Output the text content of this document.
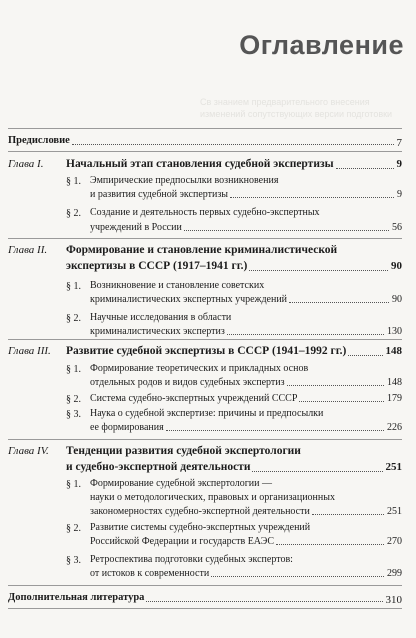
Оглавление
Св знанием предварительного внесения изменений сопутствующих версии подготовки
Предисловие	7
Глава I. Начальный этап становления судебной экспертизы	9
§ 1. Эмпирические предпосылки возникновения
и развития судебной экспертизы	9
§ 2. Создание и деятельность первых судебно-экспертных
учреждений в России	56
Глава II. Формирование и становление криминалистической
экспертизы в СССР (1917–1941 гг.)	90
§ 1. Возникновение и становление советских
криминалистических экспертных учреждений	90
§ 2. Научные исследования в области
криминалистических экспертиз	130
Глава III. Развитие судебной экспертизы в СССР (1941–1992 гг.)	148
§ 1. Формирование теоретических и прикладных основ
отдельных родов и видов судебных экспертиз	148
§ 2. Система судебно-экспертных учреждений СССР	179
§ 3. Наука о судебной экспертизе: причины и предпосылки
ее формирования	226
Глава IV. Тенденции развития судебной экспертологии
и судебно-экспертной деятельности	251
§ 1. Формирование судебной экспертологии —
науки о методологических, правовых и организационных
закономерностях судебно-экспертной деятельности	251
§ 2. Развитие системы судебно-экспертных учреждений
Российской Федерации и государств ЕАЭС	270
§ 3. Ретроспектива подготовки судебных экспертов:
от истоков к современности	299
Дополнительная литература	310
